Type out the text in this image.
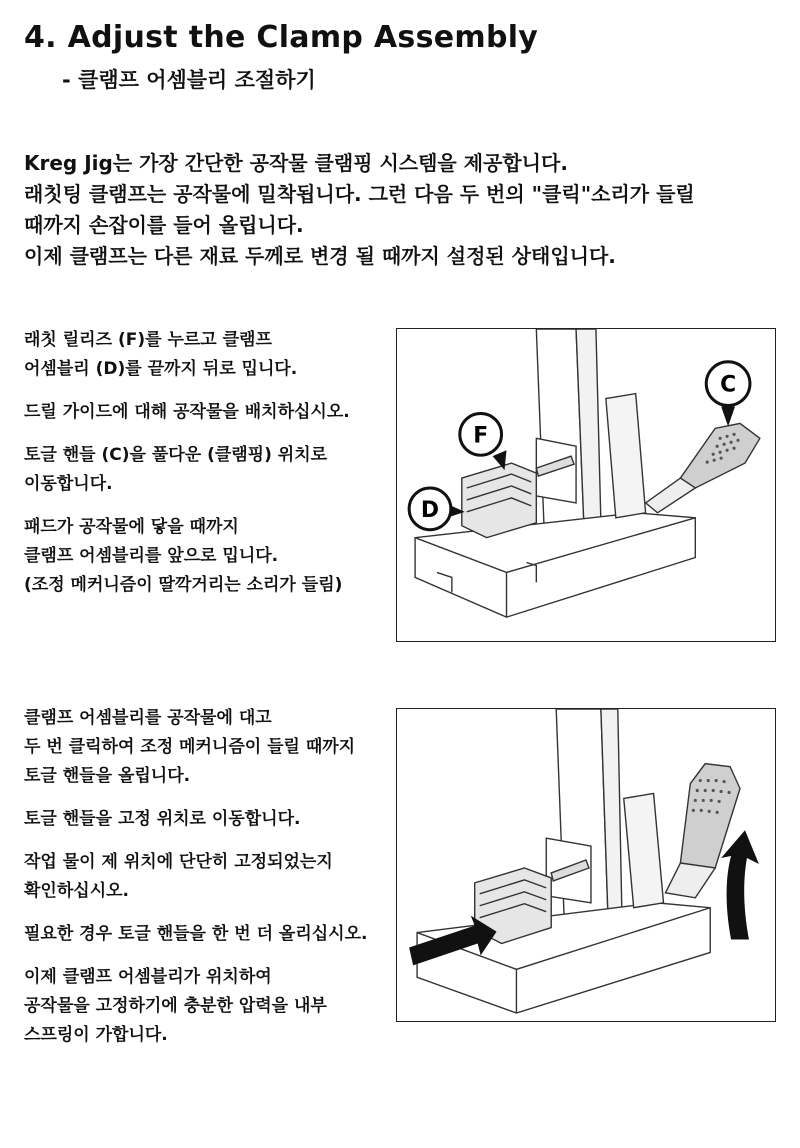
4. Adjust the Clamp Assembly
- 클램프 어셈블리 조절하기

Kreg Jig는 가장 간단한 공작물 클램핑 시스템을 제공합니다.

래칫팅 클램프는 공작물에 밀착됩니다. 그런 다음 두 번의 "클릭"소리가 들릴

때까지 손잡이를 들어 올립니다.

이제 클램프는 다른 재료 두께로 변경 될 때까지 설정된 상태입니다.

래칫 릴리즈 (F)를 누르고 클램프
어셈블리 (D)를 끝까지 뒤로 밉니다.

드릴 가이드에 대해 공작물을 배치하십시오.

토글 핸들 (C)을 풀다운 (클램핑) 위치로
이동합니다.

패드가 공작물에 닿을 때까지
클램프 어셈블리를 앞으로 밉니다.
(조정 메커니즘이 딸깍거리는 소리가 들림)

C
F
D

클램프 어셈블리를 공작물에 대고
두 번 클릭하여 조정 메커니즘이 들릴 때까지
토글 핸들을 올립니다.

토글 핸들을 고정 위치로 이동합니다.

작업 물이 제 위치에 단단히 고정되었는지
확인하십시오.

필요한 경우 토글 핸들을 한 번 더 올리십시오.

이제 클램프 어셈블리가 위치하여
공작물을 고정하기에 충분한 압력을 내부
스프링이 가합니다.
